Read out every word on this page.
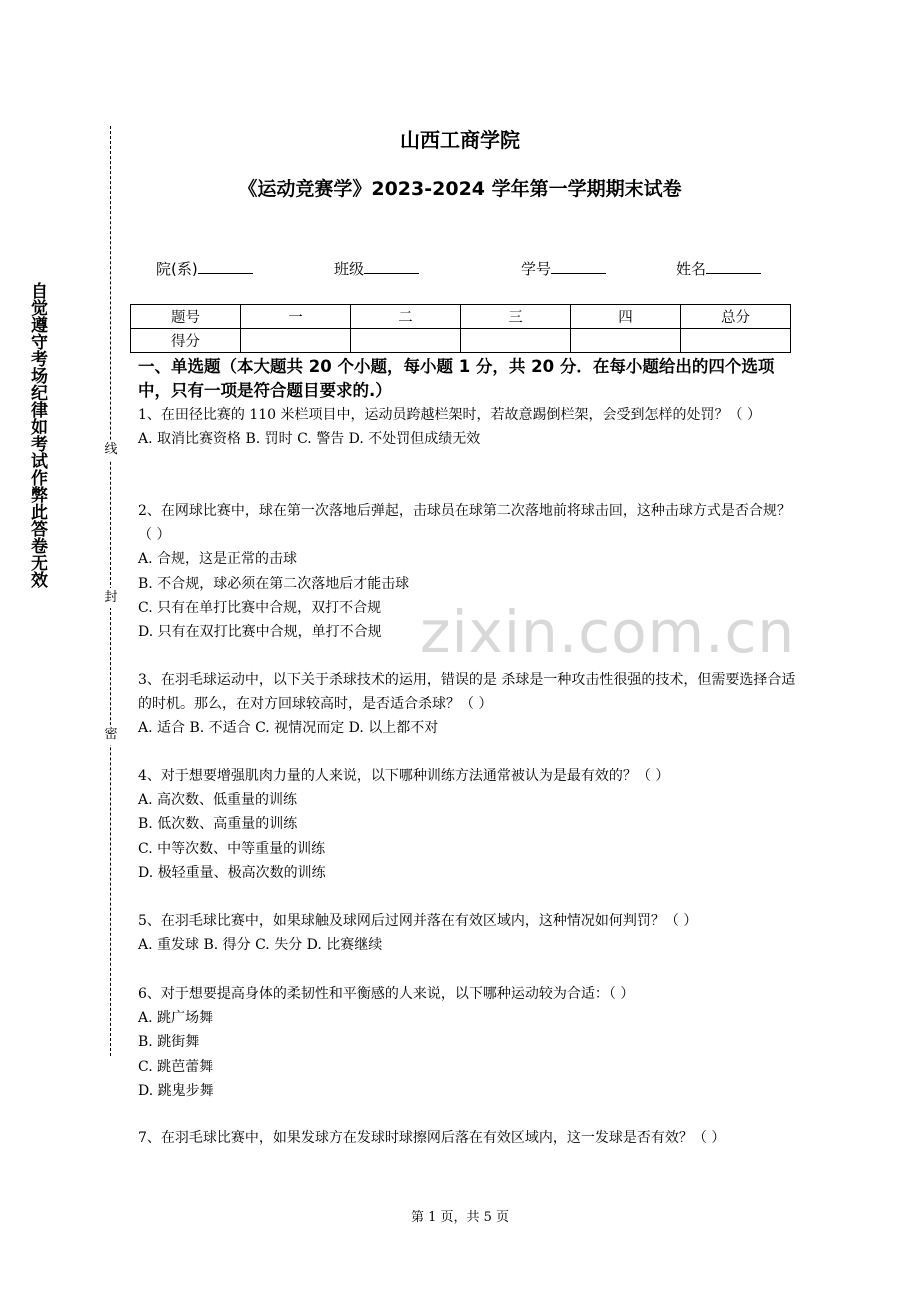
自觉遵守考场纪律如考试作弊此答卷无效	线
封
密
山西工商学院
《运动竞赛学》2023-2024 学年第一学期期末试卷
院(系)	班级	学号	姓名
题号	一	二	三	四	总分
得分					
一、单选题（本大题共 20 个小题，每小题 1 分，共 20 分．在每小题给出的四个选项中，只有一项是符合题目要求的.）
zixin.com.cn
1、在田径比赛的 110 米栏项目中，运动员跨越栏架时，若故意踢倒栏架，会受到怎样的处罚？（ ）
A. 取消比赛资格 B. 罚时 C. 警告 D. 不处罚但成绩无效
2、在网球比赛中，球在第一次落地后弹起，击球员在球第二次落地前将球击回，这种击球方式是否合规？（ ）
A. 合规，这是正常的击球
B. 不合规，球必须在第二次落地后才能击球
C. 只有在单打比赛中合规，双打不合规
D. 只有在双打比赛中合规，单打不合规
3、在羽毛球运动中，以下关于杀球技术的运用，错误的是 杀球是一种攻击性很强的技术，但需要选择合适的时机。那么，在对方回球较高时，是否适合杀球？（ ）
A. 适合 B. 不适合 C. 视情况而定 D. 以上都不对
4、对于想要增强肌肉力量的人来说，以下哪种训练方法通常被认为是最有效的？（ ）
A. 高次数、低重量的训练
B. 低次数、高重量的训练
C. 中等次数、中等重量的训练
D. 极轻重量、极高次数的训练
5、在羽毛球比赛中，如果球触及球网后过网并落在有效区域内，这种情况如何判罚？（ ）
A. 重发球 B. 得分 C. 失分 D. 比赛继续
6、对于想要提高身体的柔韧性和平衡感的人来说，以下哪种运动较为合适：（ ）
A. 跳广场舞
B. 跳街舞
C. 跳芭蕾舞
D. 跳鬼步舞
7、在羽毛球比赛中，如果发球方在发球时球擦网后落在有效区域内，这一发球是否有效？（ ）
第 1 页，共 5 页
